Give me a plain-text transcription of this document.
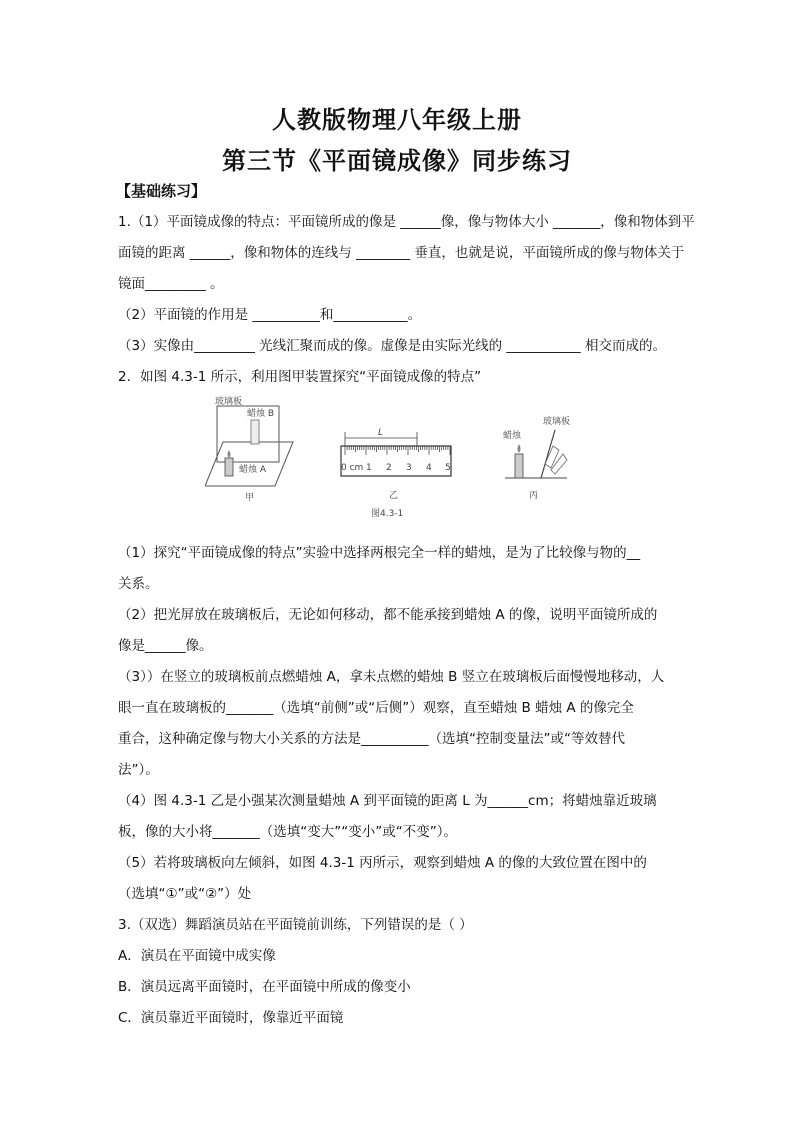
人教版物理八年级上册
第三节《平面镜成像》同步练习
【基础练习】
1.（1）平面镜成像的特点：平面镜所成的像是 ______像，像与物体大小 _______，像和物体到平
面镜的距离 ______，像和物体的连线与 ________ 垂直，也就是说，平面镜所成的像与物体关于
镜面_________ 。
（2）平面镜的作用是 __________和___________。
（3）实像由_________ 光线汇聚而成的像。虚像是由实际光线的 ___________ 相交而成的。
2．如图 4.3-1 所示，利用图甲装置探究“平面镜成像的特点”
玻璃板
蜡烛 B
蜡烛 A
甲
L
0 cm 1 2 3 4 5
乙
玻璃板
蜡烛
丙
图4.3-1
（1）探究“平面镜成像的特点”实验中选择两根完全一样的蜡烛，是为了比较像与物的__
关系。
（2）把光屏放在玻璃板后，无论如何移动，都不能承接到蜡烛 A 的像，说明平面镜所成的
像是______像。
（3））在竖立的玻璃板前点燃蜡烛 A，拿未点燃的蜡烛 B 竖立在玻璃板后面慢慢地移动，人
眼一直在玻璃板的_______（选填“前侧”或“后侧”）观察，直至蜡烛 B 蜡烛 A 的像完全
重合，这种确定像与物大小关系的方法是__________（选填“控制变量法”或“等效替代
法”）。
（4）图 4.3-1 乙是小强某次测量蜡烛 A 到平面镜的距离 L 为______cm；将蜡烛靠近玻璃
板，像的大小将_______（选填“变大”“变小”或“不变”）。
（5）若将玻璃板向左倾斜，如图 4.3-1 丙所示，观察到蜡烛 A 的像的大致位置在图中的
（选填“①”或“②”）处
3.（双选）舞蹈演员站在平面镜前训练，下列错误的是（ ）
A．演员在平面镜中成实像
B．演员远离平面镜时，在平面镜中所成的像变小
C．演员靠近平面镜时，像靠近平面镜
